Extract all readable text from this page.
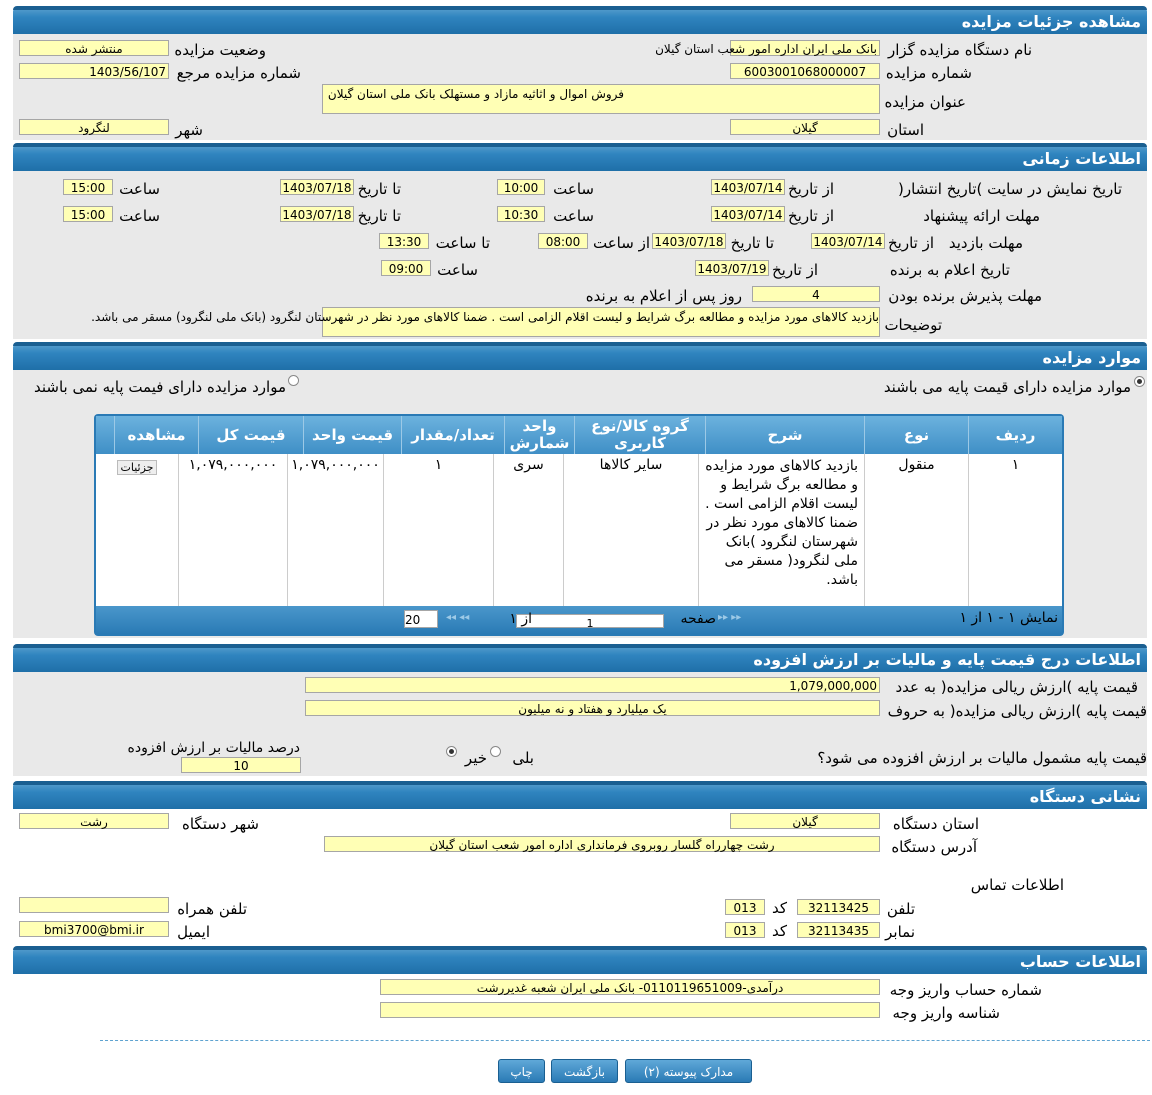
مشاهده جزئیات مزایده
نام دستگاه مزایده گزار
بانک ملی ایران اداره امور شعب استان گیلان
وضعیت مزایده
منتشر شده
شماره مزایده
6003001068000007
شماره مزایده مرجع
1403/56/107
عنوان مزایده
فروش اموال و اثاثیه مازاد و مستهلک بانک ملی استان گیلان
استان
گیلان
شهر
لنگرود
اطلاعات زمانی
تاریخ نمایش در سایت )تاریخ انتشار(
از تاریخ
1403/07/14
ساعت
10:00
تا تاریخ
1403/07/18
ساعت
15:00
مهلت ارائه پیشنهاد
از تاریخ
1403/07/14
ساعت
10:30
تا تاریخ
1403/07/18
ساعت
15:00
مهلت بازدید
از تاریخ
1403/07/14
تا تاریخ
1403/07/18
از ساعت
08:00
تا ساعت
13:30
تاریخ اعلام به برنده
از تاریخ
1403/07/19
ساعت
09:00
مهلت پذیرش برنده بودن
4
روز پس از اعلام به برنده
توضیحات
بازدید کالاهای مورد مزایده و مطالعه برگ شرایط و لیست اقلام الزامی است . ضمنا کالاهای مورد نظر در شهرستان لنگرود (بانک ملی لنگرود) مسقر می باشد.
موارد مزایده
موارد مزایده دارای قیمت پایه می باشند
موارد مزایده دارای فیمت پایه نمی باشند
ردیف
نوع
شرح
گروه کالا/نوع کاربری
واحد شمارش
تعداد/مقدار
قیمت واحد
قیمت کل
مشاهده
۱
منقول
بازدید کالاهای مورد مزایده و مطالعه برگ شرایط و لیست اقلام الزامی است . ضمنا کالاهای مورد نظر در شهرستان لنگرود )بانک ملی لنگرود( مسقر می باشد.
سایر کالاها
سری
۱
۱,۰۷۹,۰۰۰,۰۰۰
۱,۰۷۹,۰۰۰,۰۰۰
جزئیات
نمایش ۱ - ۱ از ۱
▸▸ ▸▸
صفحه
1
از ۱
◂◂ ◂◂
20
اطلاعات درج قیمت پایه و مالیات بر ارزش افزوده
قیمت پایه )ارزش ریالی مزایده( به عدد
1,079,000,000
قیمت پایه )ارزش ریالی مزایده( به حروف
یک میلیارد و هفتاد و نه میلیون
قیمت پایه مشمول مالیات بر ارزش افزوده می شود؟
بلی
خیر
درصد مالیات بر ارزش افزوده
10
نشانی دستگاه
استان دستگاه
گیلان
شهر دستگاه
رشت
آدرس دستگاه
رشت چهارراه گلسار روبروی فرمانداری اداره امور شعب استان گیلان
اطلاعات تماس
تلفن
32113425
کد
013
تلفن همراه
نمابر
32113435
کد
013
ایمیل
bmi3700@bmi.ir
اطلاعات حساب
شماره حساب واریز وجه
درآمدی-0110119651009- بانک ملی ایران شعبه غدیررشت
شناسه واریز وجه
مدارک پیوسته (۲)
بازگشت
چاپ
